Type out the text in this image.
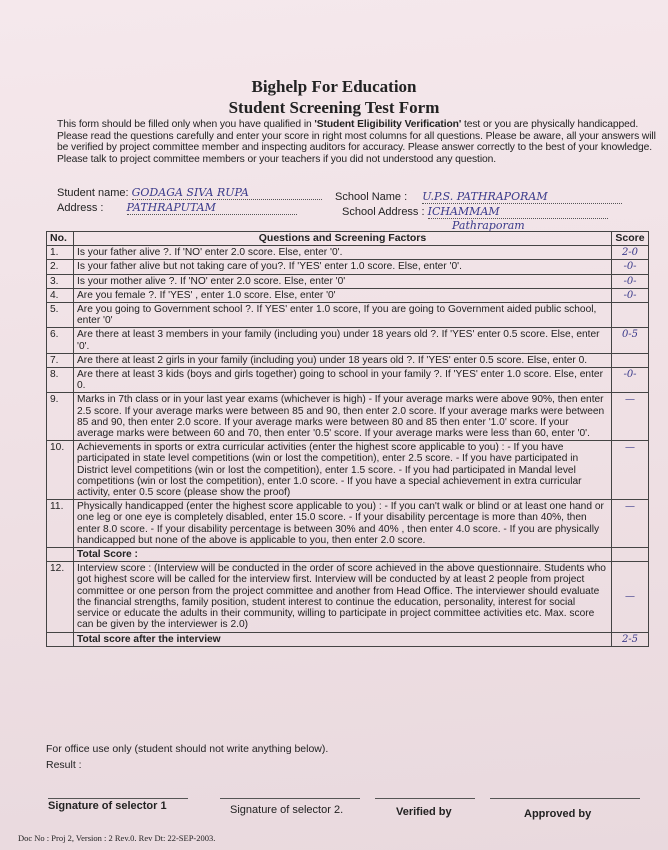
Bighelp For Education
Student Screening Test Form
This form should be filled only when you have qualified in 'Student Eligibility Verification' test or you are physically handicapped. Please read the questions carefully and enter your score in right most columns for all questions. Please be aware, all your answers will be verified by project committee member and inspecting auditors for accuracy. Please answer correctly to the best of your knowledge. Please talk to project committee members or your teachers if you did not understood any question.
Student name: GODAGA SIVA RUPA
Address : PATHRAPUTAM
School Name : U.P.S. PATHRAPORAM
School Address : ICHAMMAM
Pathraporam
No.	Questions and Screening Factors	Score
1.	Is your father alive ?. If 'NO' enter 2.0 score. Else, enter '0'.	2-0
2.	Is your father alive but not taking care of you?. If 'YES' enter 1.0 score. Else, enter '0'.	-0-
3.	Is your mother alive ?. If 'NO' enter 2.0 score. Else, enter '0'	-0-
4.	Are you female ?. If 'YES' , enter 1.0 score. Else, enter '0'	-0-
5.	Are you going to Government school ?. If YES' enter 1.0 score, If you are going to Government aided public school, enter '0'	
6.	Are there at least 3 members in your family (including you) under 18 years old ?. If 'YES' enter 0.5 score. Else, enter '0'.	0-5
7.	Are there at least 2 girls in your family (including you) under 18 years old ?. If 'YES' enter 0.5 score. Else, enter 0.	
8.	Are there at least 3 kids (boys and girls together) going to school in your family ?. If 'YES' enter 1.0 score. Else, enter 0.	-0-
9.	Marks in 7th class or in your last year exams (whichever is high) - If your average marks were above 90%, then enter 2.5 score. If your average marks were between 85 and 90, then enter 2.0 score. If your average marks were between 85 and 90, then enter 2.0 score. If your average marks were between 80 and 85 then enter '1.0' score. If your average marks were between 60 and 70, then enter '0.5' score. If your average marks were less than 60, enter '0'.	—
10.	Achievements in sports or extra curricular activities (enter the highest score applicable to you) : - If you have participated in state level competitions (win or lost the competition), enter 2.5 score. - If you have participated in District level competitions (win or lost the competition), enter 1.5 score. - If you had participated in Mandal level competitions (win or lost the competition), enter 1.0 score. - If you have a special achievement in extra curricular activity, enter 0.5 score (please show the proof)	—
11.	Physically handicapped (enter the highest score applicable to you) : - If you can't walk or blind or at least one hand or one leg or one eye is completely disabled, enter 15.0 score. - If your disability percentage is more than 40%, then enter 8.0 score. - If your disability percentage is between 30% and 40% , then enter 4.0 score. - If you are physically handicapped but none of the above is applicable to you, then enter 2.0 score.	—
	Total Score :	
12.	Interview score : (Interview will be conducted in the order of score achieved in the above questionnaire. Students who got highest score will be called for the interview first. Interview will be conducted by at least 2 people from project committee or one person from the project committee and another from Head Office. The interviewer should evaluate the financial strengths, family position, student interest to continue the education, personality, interest for social service or educate the adults in their community, willing to participate in project committee activities etc. Max. score can be given by the interviewer is 2.0)	—
	Total score after the interview	2-5
For office use only (student should not write anything below).
Result :
Signature of selector 1	Signature of selector 2.	Verified by	Approved by
Doc No : Proj 2, Version : 2 Rev.0. Rev Dt: 22-SEP-2003.
